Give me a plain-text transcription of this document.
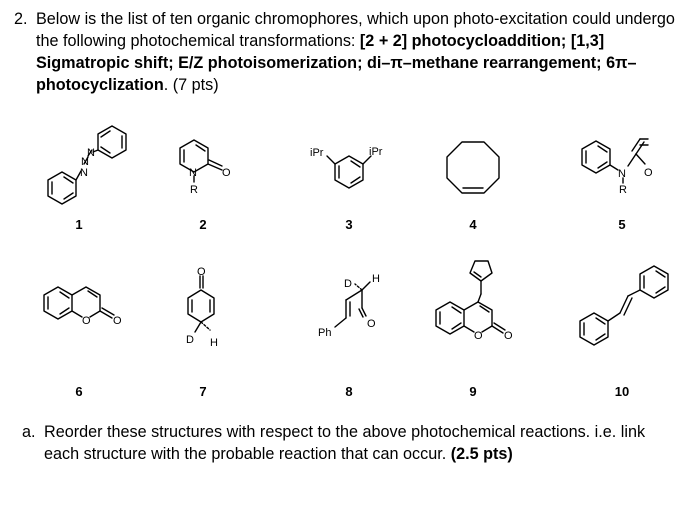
2. Below is the list of ten organic chromophores, which upon photo-excitation could undergo the following photochemical transformations: [2 + 2] photocycloaddition; [1,3] Sigmatropic shift; E/Z photoisomerization; di–π–methane rearrangement; 6π–photocyclization. (7 pts)
N
N
N
N
R
O
iPr	iPr
N
R
O
O O
O
D H
Ph
D H
O
O O
1	2	3	4	5
6	7	8	9	10
a. Reorder these structures with respect to the above photochemical reactions. i.e. link each structure with the probable reaction that can occur. (2.5 pts)
